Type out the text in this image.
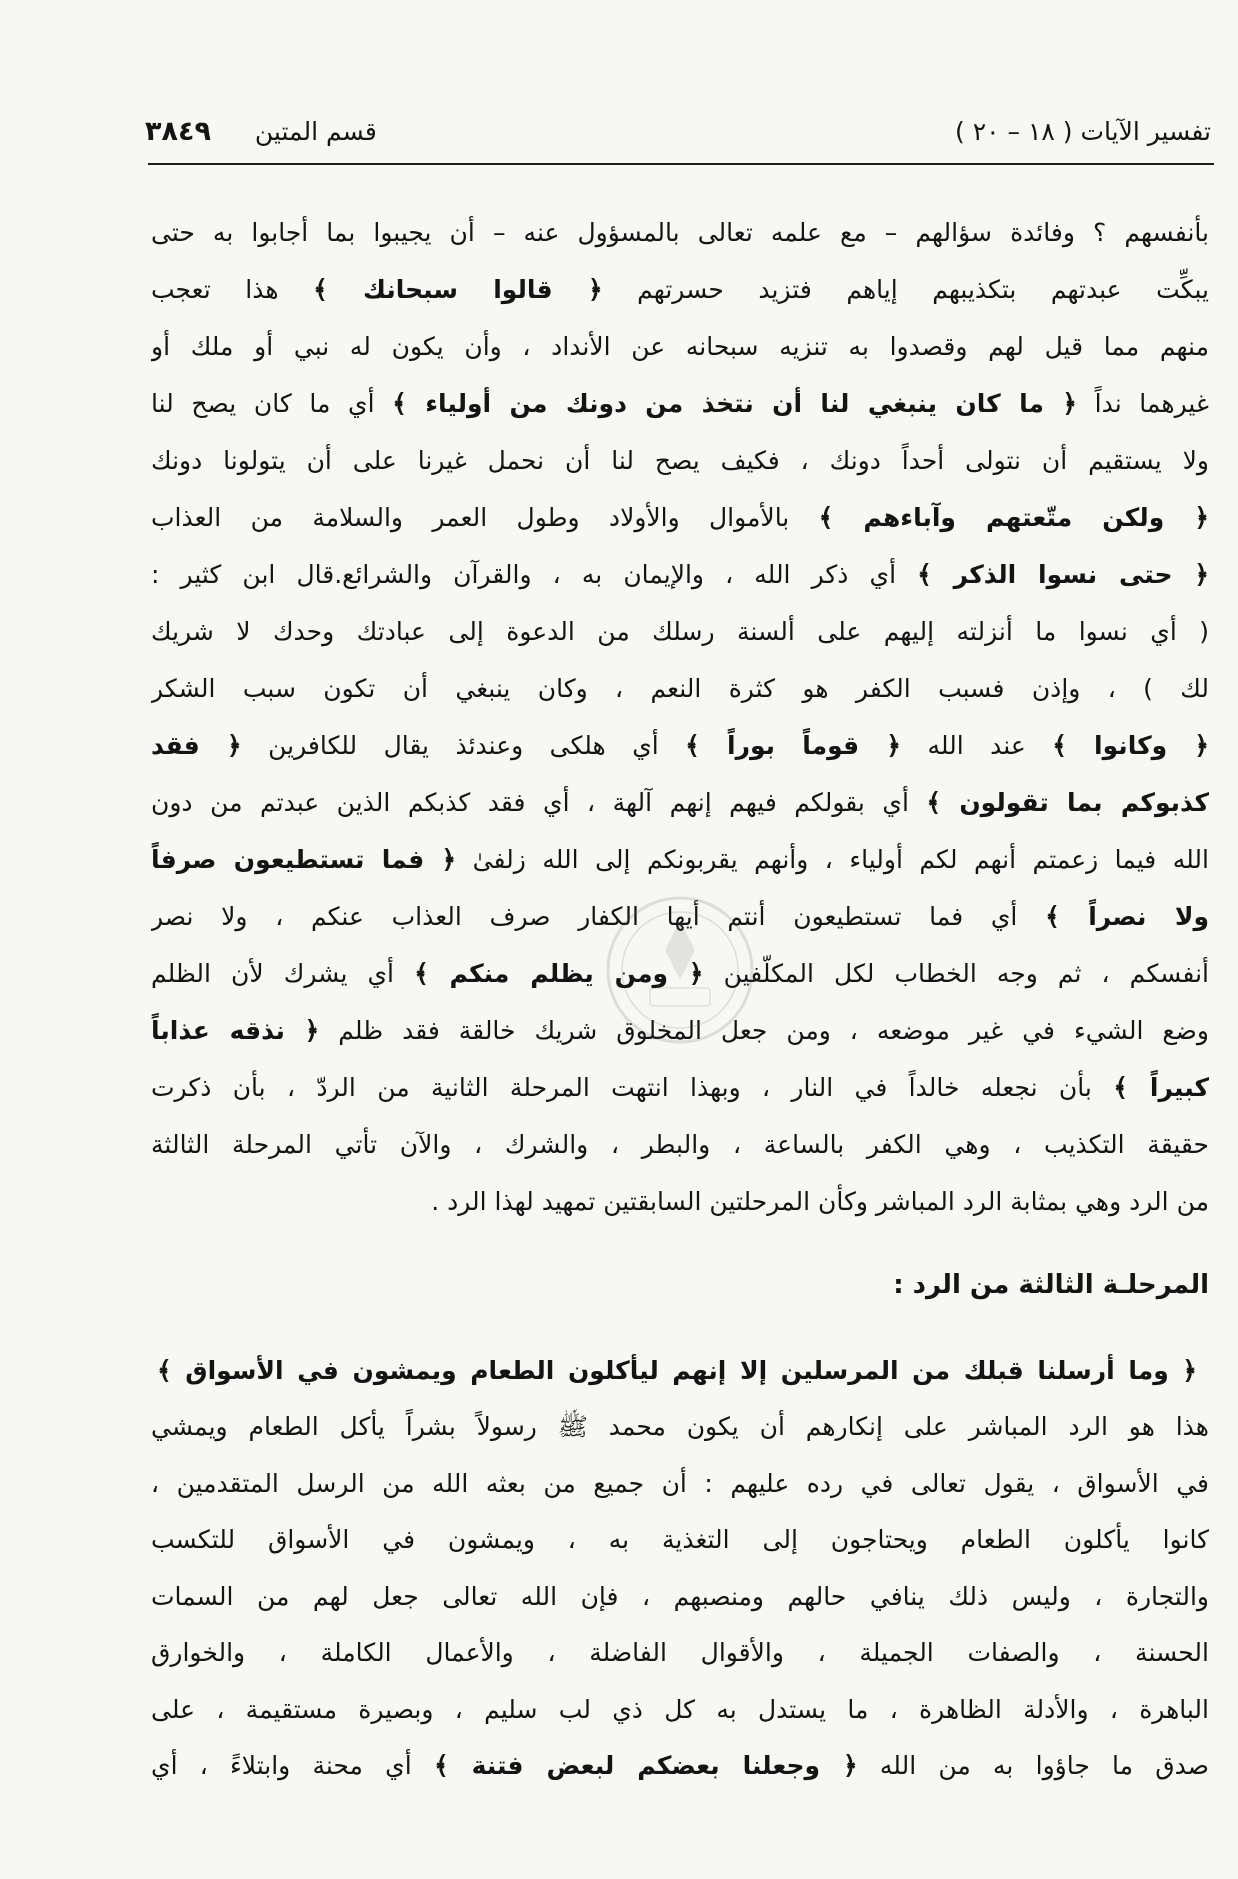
تفسير الآيات ( ١٨ – ٢٠ )
قسم المتين ٣٨٤٩
بأنفسهم ؟ وفائدة سؤالهم – مع علمه تعالى بالمسؤول عنه – أن يجيبوا بما أجابوا به حتى
يبكِّت عبدتهم بتكذيبهم إياهم فتزيد حسرتهم ﴿ قالوا سبحانك ﴾ هذا تعجب
منهم مما قيل لهم وقصدوا به تنزيه سبحانه عن الأنداد ، وأن يكون له نبي أو ملك أو
غيرهما نداً ﴿ ما كان ينبغي لنا أن نتخذ من دونك من أولياء ﴾ أي ما كان يصح لنا
ولا يستقيم أن نتولى أحداً دونك ، فكيف يصح لنا أن نحمل غيرنا على أن يتولونا دونك
﴿ ولكن متّعتهم وآباءهم ﴾ بالأموال والأولاد وطول العمر والسلامة من العذاب
﴿ حتى نسوا الذكر ﴾ أي ذكر الله ، والإيمان به ، والقرآن والشرائع.قال ابن كثير :
( أي نسوا ما أنزلته إليهم على ألسنة رسلك من الدعوة إلى عبادتك وحدك لا شريك
لك ) ، وإذن فسبب الكفر هو كثرة النعم ، وكان ينبغي أن تكون سبب الشكر
﴿ وكانوا ﴾ عند الله ﴿ قوماً بوراً ﴾ أي هلكى وعندئذ يقال للكافرين ﴿ فقد
كذبوكم بما تقولون ﴾ أي بقولكم فيهم إنهم آلهة ، أي فقد كذبكم الذين عبدتم من دون
الله فيما زعمتم أنهم لكم أولياء ، وأنهم يقربونكم إلى الله زلفىٰ ﴿ فما تستطيعون صرفاً
ولا نصراً ﴾ أي فما تستطيعون أنتم أيها الكفار صرف العذاب عنكم ، ولا نصر
أنفسكم ، ثم وجه الخطاب لكل المكلّفين ﴿ ومن يظلم منكم ﴾ أي يشرك لأن الظلم
وضع الشيء في غير موضعه ، ومن جعل المخلوق شريك خالقة فقد ظلم ﴿ نذقه عذاباً
كبيراً ﴾ بأن نجعله خالداً في النار ، وبهذا انتهت المرحلة الثانية من الردّ ، بأن ذكرت
حقيقة التكذيب ، وهي الكفر بالساعة ، والبطر ، والشرك ، والآن تأتي المرحلة الثالثة
من الرد وهي بمثابة الرد المباشر وكأن المرحلتين السابقتين تمهيد لهذا الرد .
المرحلـة الثالثة من الرد :
﴿ وما أرسلنا قبلك من المرسلين إلا إنهم ليأكلون الطعام ويمشون في الأسواق ﴾
هذا هو الرد المباشر على إنكارهم أن يكون محمد ﷺ رسولاً بشراً يأكل الطعام ويمشي
في الأسواق ، يقول تعالى في رده عليهم : أن جميع من بعثه الله من الرسل المتقدمين ،
كانوا يأكلون الطعام ويحتاجون إلى التغذية به ، ويمشون في الأسواق للتكسب
والتجارة ، وليس ذلك ينافي حالهم ومنصبهم ، فإن الله تعالى جعل لهم من السمات
الحسنة ، والصفات الجميلة ، والأقوال الفاضلة ، والأعمال الكاملة ، والخوارق
الباهرة ، والأدلة الظاهرة ، ما يستدل به كل ذي لب سليم ، وبصيرة مستقيمة ، على
صدق ما جاؤوا به من الله ﴿ وجعلنا بعضكم لبعض فتنة ﴾ أي محنة وابتلاءً ، أي
